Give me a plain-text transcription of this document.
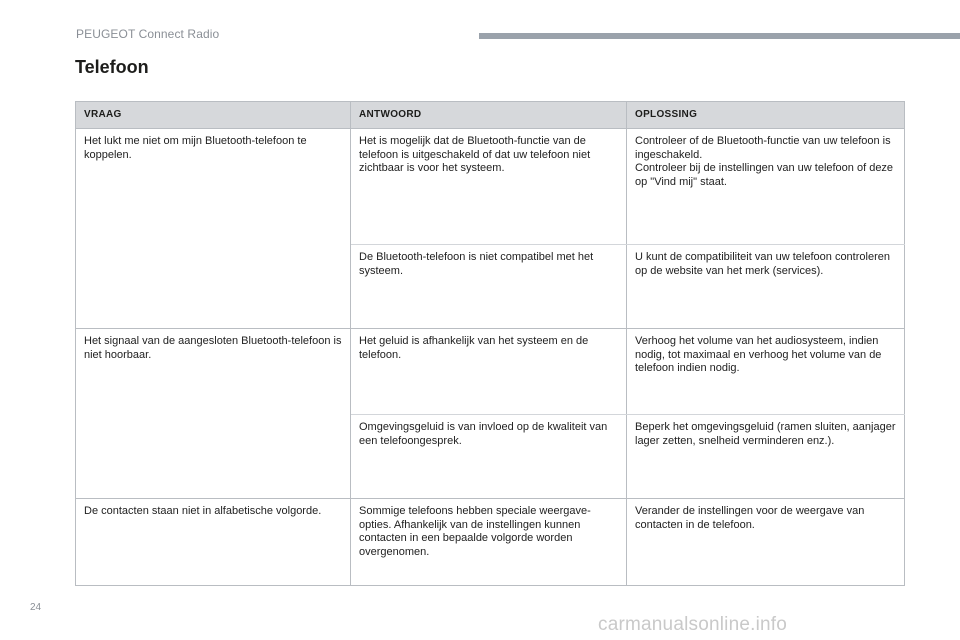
PEUGEOT Connect Radio
Telefoon
VRAAG	ANTWOORD	OPLOSSING
Het lukt me niet om mijn Bluetooth-telefoon te koppelen.	Het is mogelijk dat de Bluetooth-functie van de telefoon is uitgeschakeld of dat uw telefoon niet zichtbaar is voor het systeem.	Controleer of de Bluetooth-functie van uw telefoon is ingeschakeld.
Controleer bij de instellingen van uw telefoon of deze op "Vind mij" staat.
	De Bluetooth-telefoon is niet compatibel met het systeem.	U kunt de compatibiliteit van uw telefoon controleren op de website van het merk (services).
Het signaal van de aangesloten Bluetooth-telefoon is niet hoorbaar.	Het geluid is afhankelijk van het systeem en de telefoon.	Verhoog het volume van het audiosysteem, indien nodig, tot maximaal en verhoog het volume van de telefoon indien nodig.
	Omgevingsgeluid is van invloed op de kwaliteit van een telefoongesprek.	Beperk het omgevingsgeluid (ramen sluiten, aanjager lager zetten, snelheid verminderen enz.).
De contacten staan niet in alfabetische volgorde.	Sommige telefoons hebben speciale weergave-opties. Afhankelijk van de instellingen kunnen contacten in een bepaalde volgorde worden overgenomen.	Verander de instellingen voor de weergave van contacten in de telefoon.
24
carmanualsonline.info
